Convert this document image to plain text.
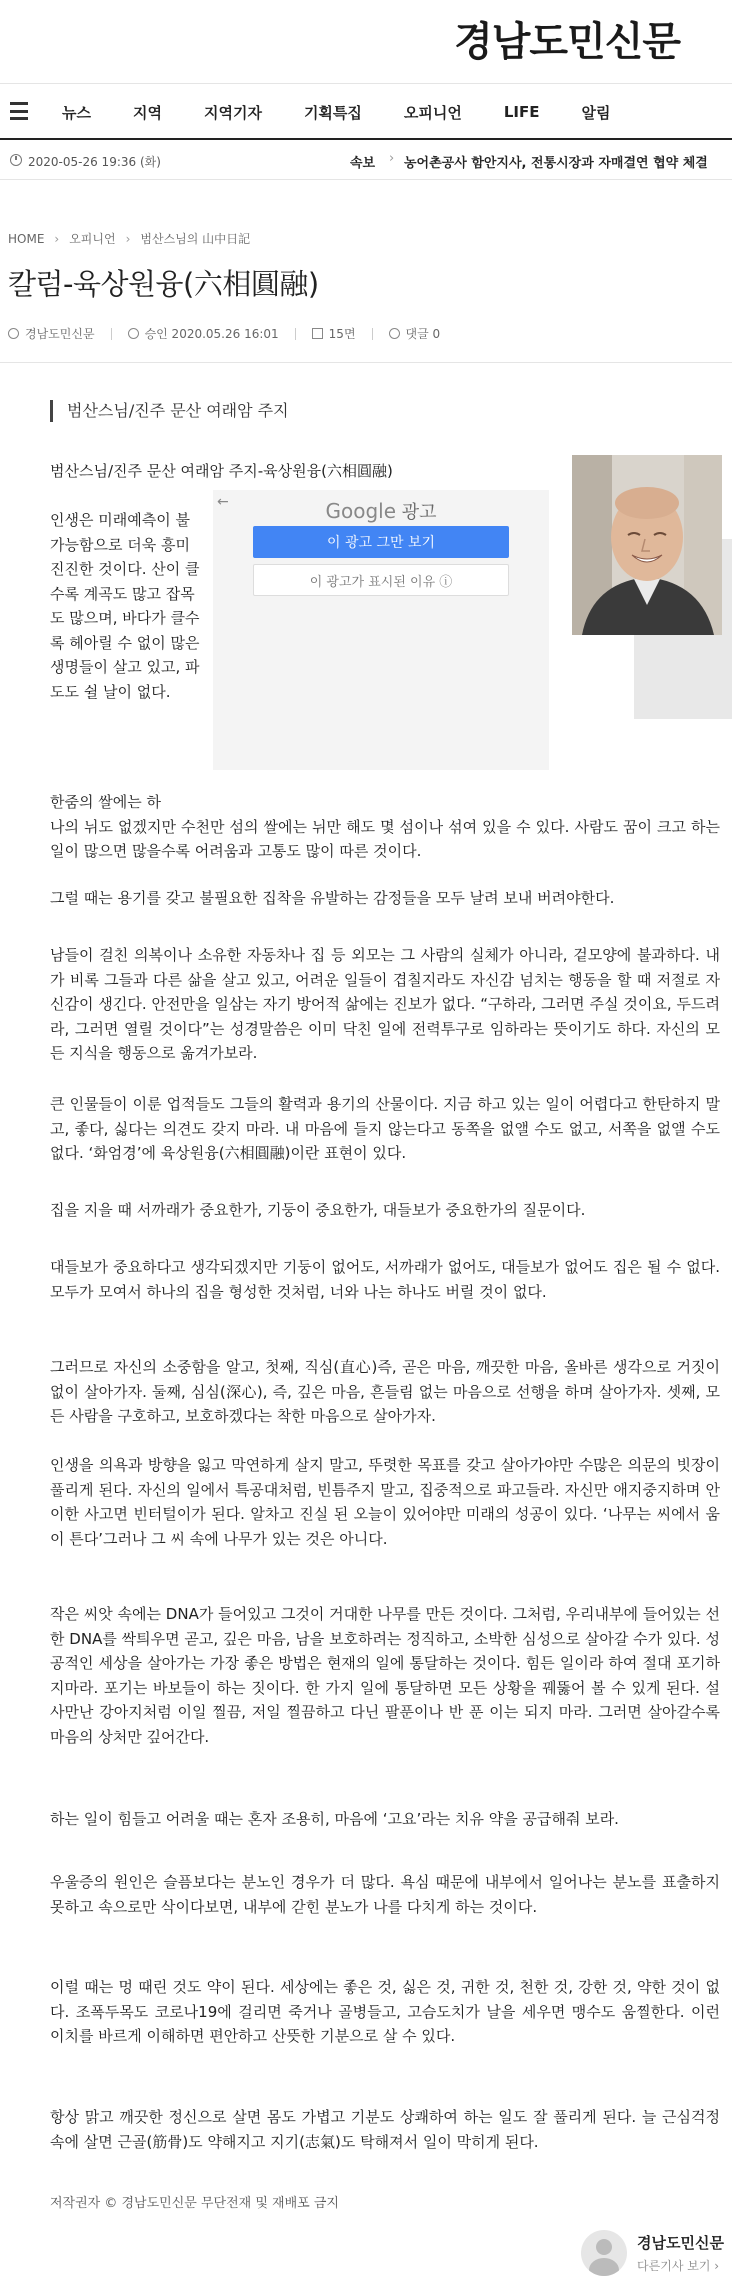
경남도민신문
뉴스	지역	지역기자	기획특집	오피니언	LIFE	알림
2020-05-26 19:36 (화)	속보 › 농어촌공사 함안지사, 전통시장과 자매결연 협약 체결
HOME › 오피니언 › 범산스님의 山中日記
칼럼-육상원융(六相圓融)
경남도민신문	승인 2020.05.26 16:01	15면	댓글 0
범산스님/진주 문산 여래암 주지
범산스님/진주 문산 여래암 주지-육상원융(六相圓融)
인생은 미래예측이 불가능함으로 더욱 흥미진진한 것이다. 산이 클수록 계곡도 많고 잡목도 많으며, 바다가 클수록 헤아릴 수 없이 많은 생명들이 살고 있고, 파도도 쉴 날이 없다.
←	Google 광고
이 광고 그만 보기
이 광고가 표시된 이유 ⓘ

한줌의 쌀에는 하
나의 뉘도 없겠지만 수천만 섬의 쌀에는 뉘만 해도 몇 섬이나 섞여 있을 수 있다. 사람도 꿈이 크고 하는 일이 많으면 많을수록 어려움과 고통도 많이 따른 것이다.

그럴 때는 용기를 갖고 불필요한 집착을 유발하는 감정들을 모두 날려 보내 버려야한다.

남들이 걸친 의복이나 소유한 자동차나 집 등 외모는 그 사람의 실체가 아니라, 겉모양에 불과하다. 내가 비록 그들과 다른 삶을 살고 있고, 어려운 일들이 겹칠지라도 자신감 넘치는 행동을 할 때 저절로 자신감이 생긴다. 안전만을 일삼는 자기 방어적 삶에는 진보가 없다. “구하라, 그러면 주실 것이요, 두드려라, 그러면 열릴 것이다”는 성경말씀은 이미 닥친 일에 전력투구로 임하라는 뜻이기도 하다. 자신의 모든 지식을 행동으로 옮겨가보라.

큰 인물들이 이룬 업적들도 그들의 활력과 용기의 산물이다. 지금 하고 있는 일이 어렵다고 한탄하지 말고, 좋다, 싫다는 의견도 갖지 마라. 내 마음에 들지 않는다고 동쪽을 없앨 수도 없고, 서쪽을 없앨 수도 없다. ‘화엄경’에 육상원융(六相圓融)이란 표현이 있다.

집을 지을 때 서까래가 중요한가, 기둥이 중요한가, 대들보가 중요한가의 질문이다.

대들보가 중요하다고 생각되겠지만 기둥이 없어도, 서까래가 없어도, 대들보가 없어도 집은 될 수 없다. 모두가 모여서 하나의 집을 형성한 것처럼, 너와 나는 하나도 버릴 것이 없다.

그러므로 자신의 소중함을 알고, 첫째, 직심(直心)즉, 곧은 마음, 깨끗한 마음, 올바른 생각으로 거짓이 없이 살아가자. 둘째, 심심(深心), 즉, 깊은 마음, 흔들림 없는 마음으로 선행을 하며 살아가자. 셋째, 모든 사람을 구호하고, 보호하겠다는 착한 마음으로 살아가자.

인생을 의욕과 방향을 잃고 막연하게 살지 말고, 뚜렷한 목표를 갖고 살아가야만 수많은 의문의 빗장이 풀리게 된다. 자신의 일에서 특공대처럼, 빈틈주지 말고, 집중적으로 파고들라. 자신만 애지중지하며 안이한 사고면 빈터털이가 된다. 알차고 진실 된 오늘이 있어야만 미래의 성공이 있다. ‘나무는 씨에서 움이 튼다’그러나 그 씨 속에 나무가 있는 것은 아니다.

작은 씨앗 속에는 DNA가 들어있고 그것이 거대한 나무를 만든 것이다. 그처럼, 우리내부에 들어있는 선한 DNA를 싹틔우면 곧고, 깊은 마음, 남을 보호하려는 정직하고, 소박한 심성으로 살아갈 수가 있다. 성공적인 세상을 살아가는 가장 좋은 방법은 현재의 일에 통달하는 것이다. 힘든 일이라 하여 절대 포기하지마라. 포기는 바보들이 하는 짓이다. 한 가지 일에 통달하면 모든 상황을 꿰뚫어 볼 수 있게 된다. 설사만난 강아지처럼 이일 찔끔, 저일 찔끔하고 다닌 팔푼이나 반 푼 이는 되지 마라. 그러면 살아갈수록 마음의 상처만 깊어간다.

하는 일이 힘들고 어려울 때는 혼자 조용히, 마음에 ‘고요’라는 치유 약을 공급해줘 보라.

우울증의 원인은 슬픔보다는 분노인 경우가 더 많다. 욕심 때문에 내부에서 일어나는 분노를 표출하지 못하고 속으로만 삭이다보면, 내부에 갇힌 분노가 나를 다치게 하는 것이다.

이럴 때는 멍 때린 것도 약이 된다. 세상에는 좋은 것, 싫은 것, 귀한 것, 천한 것, 강한 것, 약한 것이 없다. 조폭두목도 코로나19에 걸리면 죽거나 골병들고, 고슴도치가 날을 세우면 맹수도 움찔한다. 이런 이치를 바르게 이해하면 편안하고 산뜻한 기분으로 살 수 있다.

항상 맑고 깨끗한 정신으로 살면 몸도 가볍고 기분도 상쾌하여 하는 일도 잘 풀리게 된다. 늘 근심걱정 속에 살면 근골(筋骨)도 약해지고 지기(志氣)도 탁해져서 일이 막히게 된다.

저작권자 © 경남도민신문 무단전재 및 재배포 금지
경남도민신문
다른기사 보기 ›
